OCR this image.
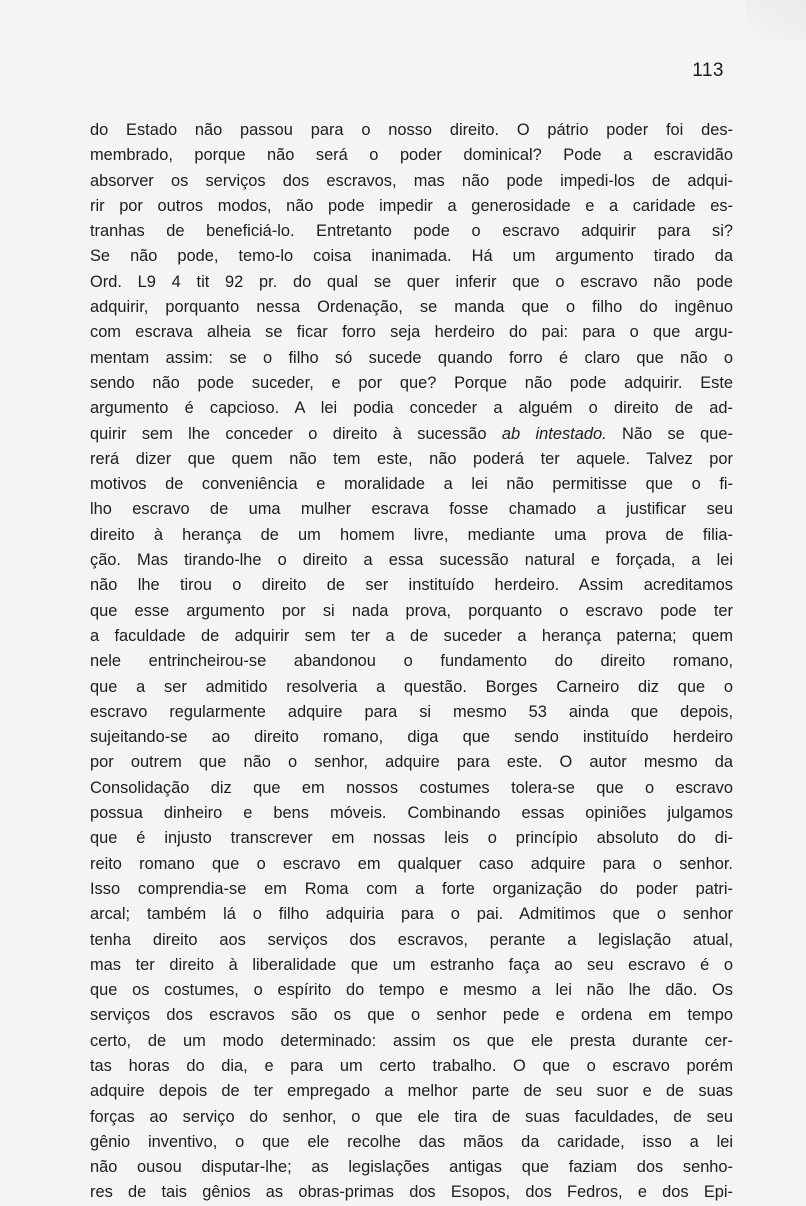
113
do Estado não passou para o nosso direito. O pátrio poder foi des-
membrado, porque não será o poder dominical? Pode a escravidão
absorver os serviços dos escravos, mas não pode impedi-los de adqui-
rir por outros modos, não pode impedir a generosidade e a caridade es-
tranhas de beneficiá-lo. Entretanto pode o escravo adquirir para si?
Se não pode, temo-lo coisa inanimada. Há um argumento tirado da
Ord. L9 4 tit 92 pr. do qual se quer inferir que o escravo não pode
adquirir, porquanto nessa Ordenação, se manda que o filho do ingênuo
com escrava alheia se ficar forro seja herdeiro do pai: para o que argu-
mentam assim: se o filho só sucede quando forro é claro que não o
sendo não pode suceder, e por que? Porque não pode adquirir. Este
argumento é capcioso. A lei podia conceder a alguém o direito de ad-
quirir sem lhe conceder o direito à sucessão ab intestado. Não se que-
rerá dizer que quem não tem este, não poderá ter aquele. Talvez por
motivos de conveniência e moralidade a lei não permitisse que o fi-
lho escravo de uma mulher escrava fosse chamado a justificar seu
direito à herança de um homem livre, mediante uma prova de filia-
ção. Mas tirando-lhe o direito a essa sucessão natural e forçada, a lei
não lhe tirou o direito de ser instituído herdeiro. Assim acreditamos
que esse argumento por si nada prova, porquanto o escravo pode ter
a faculdade de adquirir sem ter a de suceder a herança paterna; quem
nele entrincheirou-se abandonou o fundamento do direito romano,
que a ser admitido resolveria a questão. Borges Carneiro diz que o
escravo regularmente adquire para si mesmo 53 ainda que depois,
sujeitando-se ao direito romano, diga que sendo instituído herdeiro
por outrem que não o senhor, adquire para este. O autor mesmo da
Consolidação diz que em nossos costumes tolera-se que o escravo
possua dinheiro e bens móveis. Combinando essas opiniões julgamos
que é injusto transcrever em nossas leis o princípio absoluto do di-
reito romano que o escravo em qualquer caso adquire para o senhor.
Isso comprendia-se em Roma com a forte organização do poder patri-
arcal; também lá o filho adquiria para o pai. Admitimos que o senhor
tenha direito aos serviços dos escravos, perante a legislação atual,
mas ter direito à liberalidade que um estranho faça ao seu escravo é o
que os costumes, o espírito do tempo e mesmo a lei não lhe dão. Os
serviços dos escravos são os que o senhor pede e ordena em tempo
certo, de um modo determinado: assim os que ele presta durante cer-
tas horas do dia, e para um certo trabalho. O que o escravo porém
adquire depois de ter empregado a melhor parte de seu suor e de suas
forças ao serviço do senhor, o que ele tira de suas faculdades, de seu
gênio inventivo, o que ele recolhe das mãos da caridade, isso a lei
não ousou disputar-lhe; as legislações antigas que faziam dos senho-
res de tais gênios as obras-primas dos Esopos, dos Fedros, e dos Epi-
